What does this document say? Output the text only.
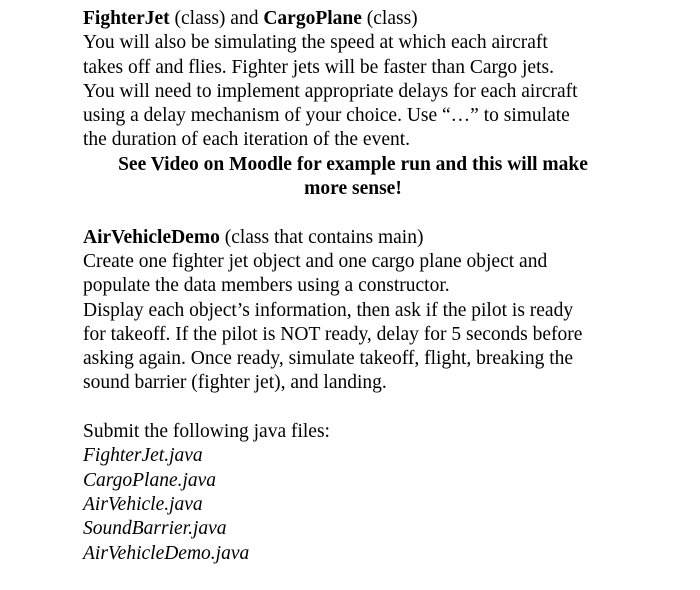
FighterJet (class) and CargoPlane (class)
You will also be simulating the speed at which each aircraft
takes off and flies. Fighter jets will be faster than Cargo jets.
You will need to implement appropriate delays for each aircraft
using a delay mechanism of your choice. Use “…” to simulate
the duration of each iteration of the event.
See Video on Moodle for example run and this will make
more sense!
AirVehicleDemo (class that contains main)
Create one fighter jet object and one cargo plane object and
populate the data members using a constructor.
Display each object’s information, then ask if the pilot is ready
for takeoff. If the pilot is NOT ready, delay for 5 seconds before
asking again. Once ready, simulate takeoff, flight, breaking the
sound barrier (fighter jet), and landing.
Submit the following java files:
FighterJet.java
CargoPlane.java
AirVehicle.java
SoundBarrier.java
AirVehicleDemo.java
